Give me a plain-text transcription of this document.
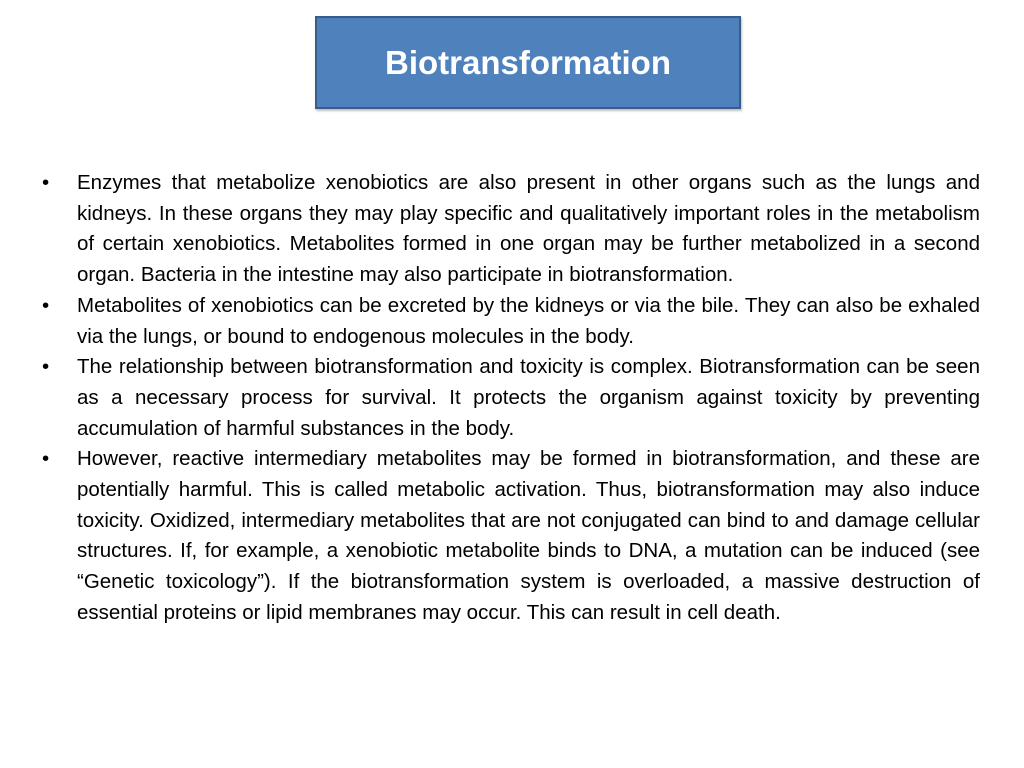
Biotransformation
•	Enzymes that metabolize xenobiotics are also present in other organs such as the lungs and kidneys. In these organs they may play specific and qualitatively important roles in the metabolism of certain xenobiotics. Metabolites formed in one organ may be further metabolized in a second organ. Bacteria in the intestine may also participate in biotransformation.
•	Metabolites of xenobiotics can be excreted by the kidneys or via the bile. They can also be exhaled via the lungs, or bound to endogenous molecules in the body.
•	The relationship between biotransformation and toxicity is complex. Biotransformation can be seen as a necessary process for survival. It protects the organism against toxicity by preventing accumulation of harmful substances in the body.
•	However, reactive intermediary metabolites may be formed in biotransformation, and these are potentially harmful. This is called metabolic activation. Thus, biotransformation may also induce toxicity. Oxidized, intermediary metabolites that are not conjugated can bind to and damage cellular structures. If, for example, a xenobiotic metabolite binds to DNA, a mutation can be induced (see “Genetic toxicology”). If the biotransformation system is overloaded, a massive destruction of essential proteins or lipid membranes may occur. This can result in cell death.
